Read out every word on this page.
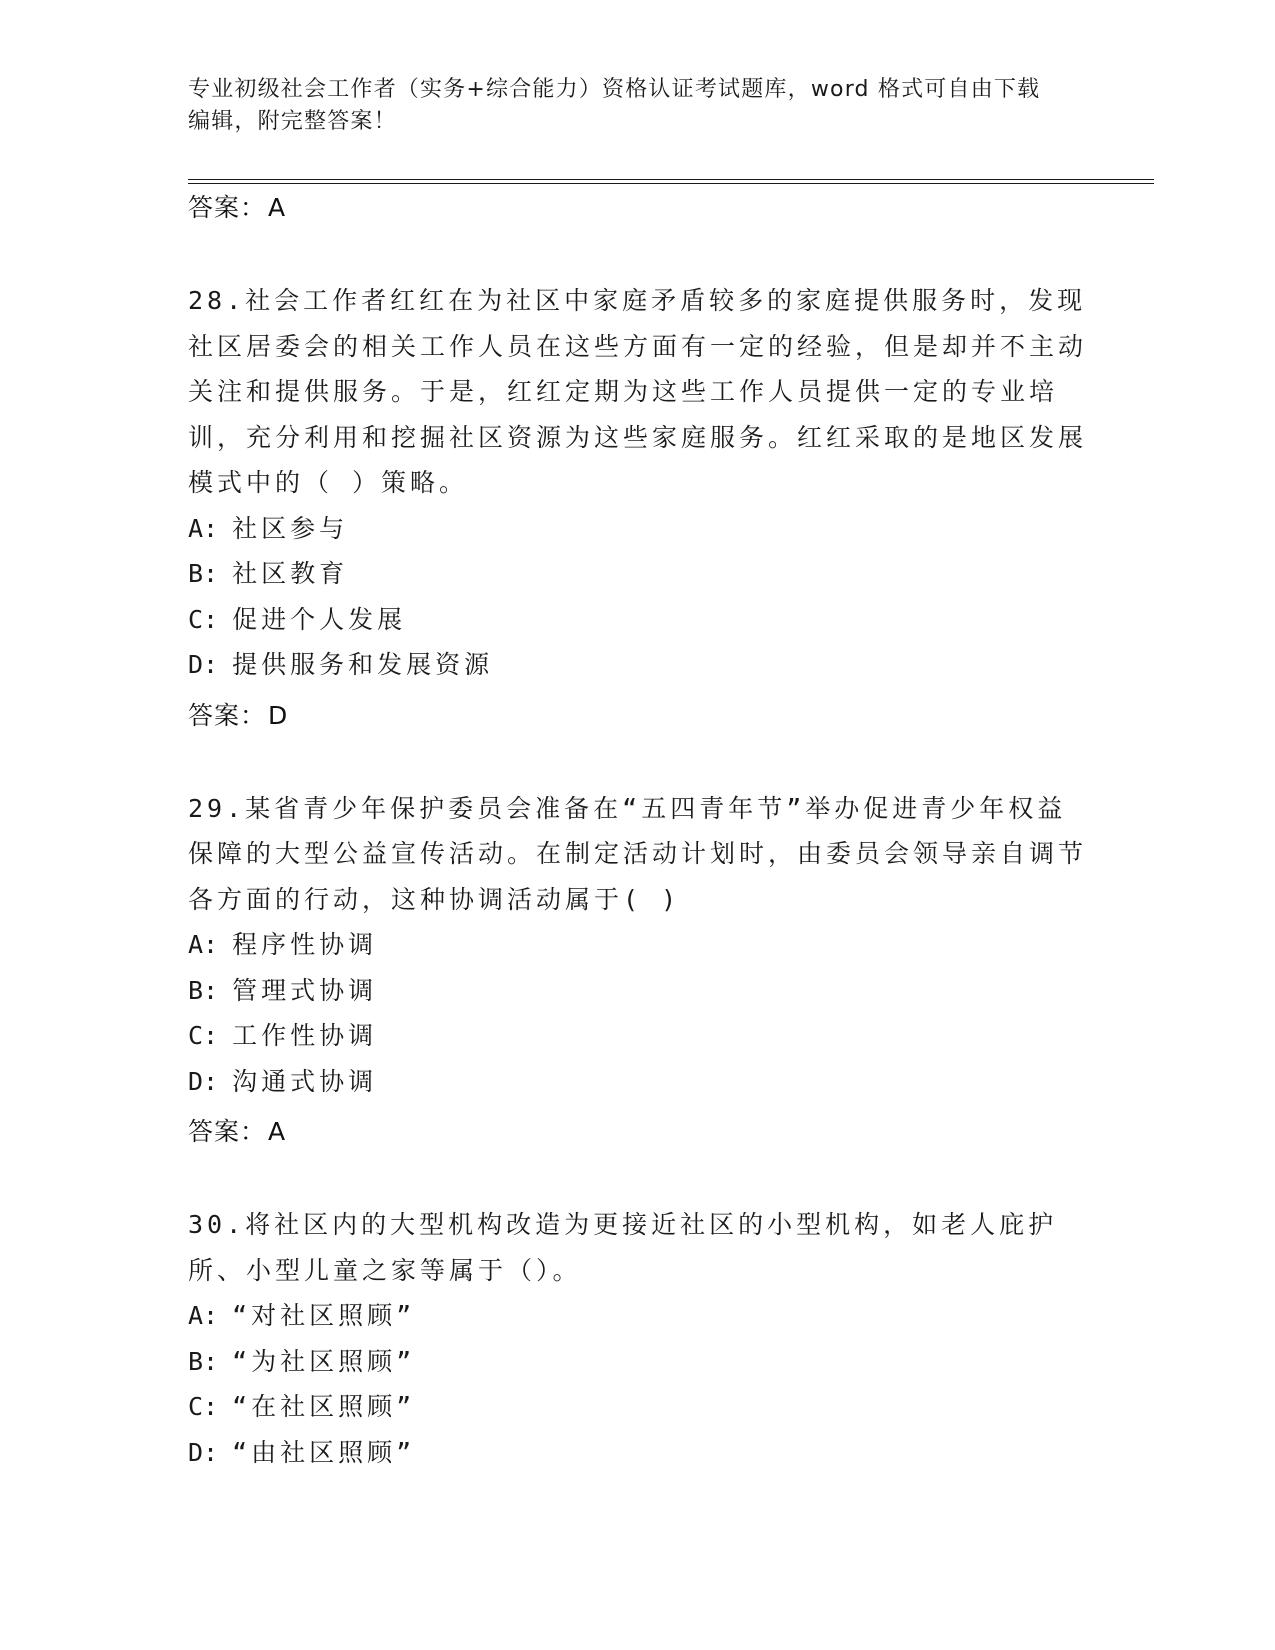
专业初级社会工作者（实务+综合能力）资格认证考试题库，word 格式可自由下载
编辑，附完整答案！
答案：A

28.社会工作者红红在为社区中家庭矛盾较多的家庭提供服务时，发现社区居委会的相关工作人员在这些方面有一定的经验，但是却并不主动关注和提供服务。于是，红红定期为这些工作人员提供一定的专业培训，充分利用和挖掘社区资源为这些家庭服务。红红采取的是地区发展模式中的（ ）策略。

A: 社区参与
B: 社区教育
C: 促进个人发展
D: 提供服务和发展资源
答案：D

29.某省青少年保护委员会准备在“五四青年节”举办促进青少年权益保障的大型公益宣传活动。在制定活动计划时，由委员会领导亲自调节各方面的行动，这种协调活动属于( )

A: 程序性协调
B: 管理式协调
C: 工作性协调
D: 沟通式协调
答案：A

30.将社区内的大型机构改造为更接近社区的小型机构，如老人庇护所、小型儿童之家等属于（）。

A: “对社区照顾”
B: “为社区照顾”
C: “在社区照顾”
D: “由社区照顾”
